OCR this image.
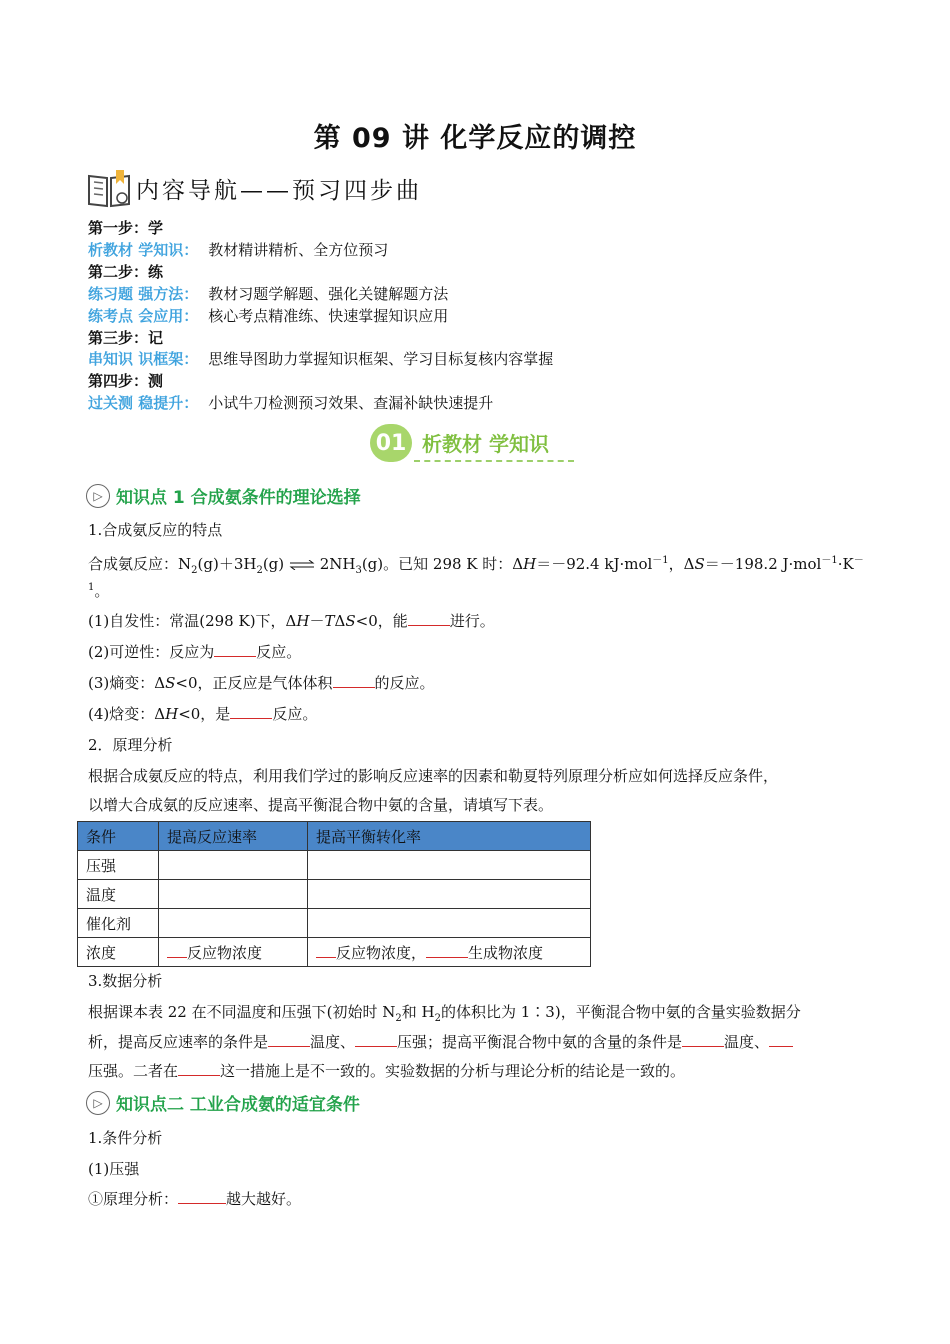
第 09 讲 化学反应的调控
内容导航——预习四步曲
第一步：学
析教材 学知识： 教材精讲精析、全方位预习
第二步：练
练习题 强方法： 教材习题学解题、强化关键解题方法
练考点 会应用： 核心考点精准练、快速掌握知识应用
第三步：记
串知识 识框架： 思维导图助力掌握知识框架、学习目标复核内容掌握
第四步：测
过关测 稳提升： 小试牛刀检测预习效果、查漏补缺快速提升
01 析教材 学知识
▷ 知识点 1 合成氨条件的理论选择
1.合成氨反应的特点
合成氨反应：$N_2(g)+3H_2(g)$ ⇌ $2NH_3(g)$。已知 298 K 时：ΔH＝－92.4 kJ·mol$^{-1}$，ΔS＝－198.2 J·mol$^{-1}$·K－
$^1$。
(1)自发性：常温(298 K)下，ΔH－TΔS<0，能	进行。
(2)可逆性：反应为	反应。
(3)熵变：ΔS<0，正反应是气体体积	的反应。
(4)焓变：ΔH<0，是	反应。
2．原理分析
根据合成氨反应的特点，利用我们学过的影响反应速率的因素和勒夏特列原理分析应如何选择反应条件，
以增大合成氨的反应速率、提高平衡混合物中氨的含量，请填写下表。
条件	提高反应速率	提高平衡转化率
压强		
温度		
催化剂		
浓度	反应物浓度	反应物浓度， 生成物浓度
3.数据分析
根据课本表 22 在不同温度和压强下(初始时 $N_2$和 $H_2$的体积比为 1∶3)，平衡混合物中氨的含量实验数据分
析，提高反应速率的条件是	温度、	压强；提高平衡混合物中氨的含量的条件是	温度、
压强。二者在	这一措施上是不一致的。实验数据的分析与理论分析的结论是一致的。
▷ 知识点二 工业合成氨的适宜条件
1.条件分析
(1)压强
①原理分析：	越大越好。
